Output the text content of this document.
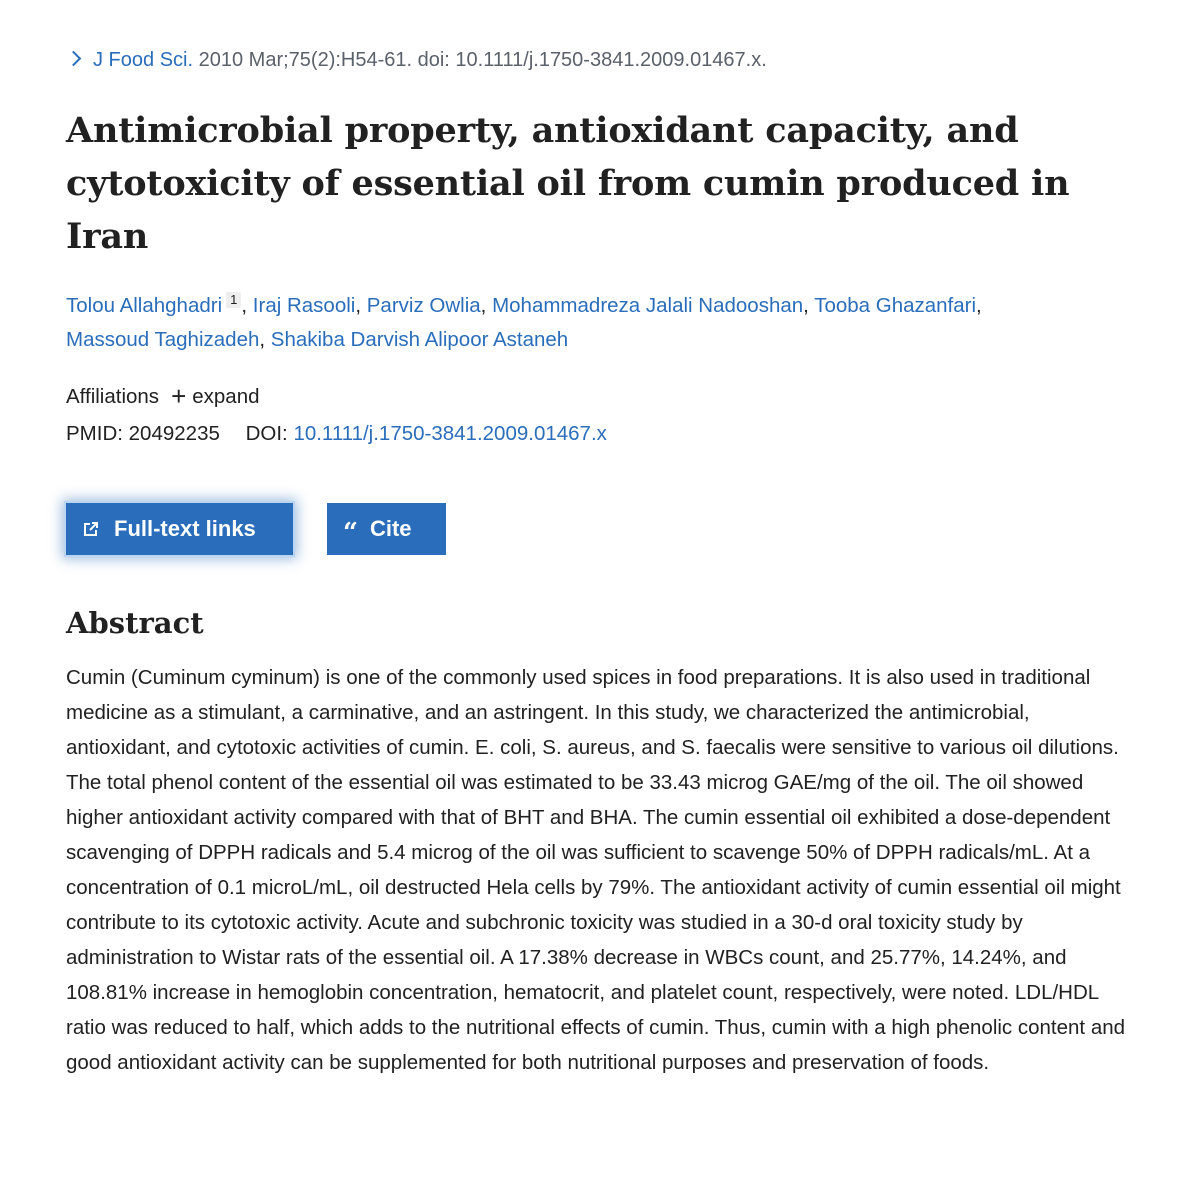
J Food Sci. 2010 Mar;75(2):H54-61. doi: 10.1111/j.1750-3841.2009.01467.x.
Antimicrobial property, antioxidant capacity, and cytotoxicity of essential oil from cumin produced in Iran
Tolou Allahghadri 1 , Iraj Rasooli, Parviz Owlia, Mohammadreza Jalali Nadooshan, Tooba Ghazanfari, Massoud Taghizadeh, Shakiba Darvish Alipoor Astaneh
Affiliations + expand
PMID: 20492235 DOI: 10.1111/j.1750-3841.2009.01467.x
Full-text links	“ Cite
Abstract

Cumin (Cuminum cyminum) is one of the commonly used spices in food preparations. It is also used in traditional medicine as a stimulant, a carminative, and an astringent. In this study, we characterized the antimicrobial, antioxidant, and cytotoxic activities of cumin. E. coli, S. aureus, and S. faecalis were sensitive to various oil dilutions. The total phenol content of the essential oil was estimated to be 33.43 microg GAE/mg of the oil. The oil showed higher antioxidant activity compared with that of BHT and BHA. The cumin essential oil exhibited a dose-dependent scavenging of DPPH radicals and 5.4 microg of the oil was sufficient to scavenge 50% of DPPH radicals/mL. At a concentration of 0.1 microL/mL, oil destructed Hela cells by 79%. The antioxidant activity of cumin essential oil might contribute to its cytotoxic activity. Acute and subchronic toxicity was studied in a 30-d oral toxicity study by administration to Wistar rats of the essential oil. A 17.38% decrease in WBCs count, and 25.77%, 14.24%, and 108.81% increase in hemoglobin concentration, hematocrit, and platelet count, respectively, were noted. LDL/HDL ratio was reduced to half, which adds to the nutritional effects of cumin. Thus, cumin with a high phenolic content and good antioxidant activity can be supplemented for both nutritional purposes and preservation of foods.
